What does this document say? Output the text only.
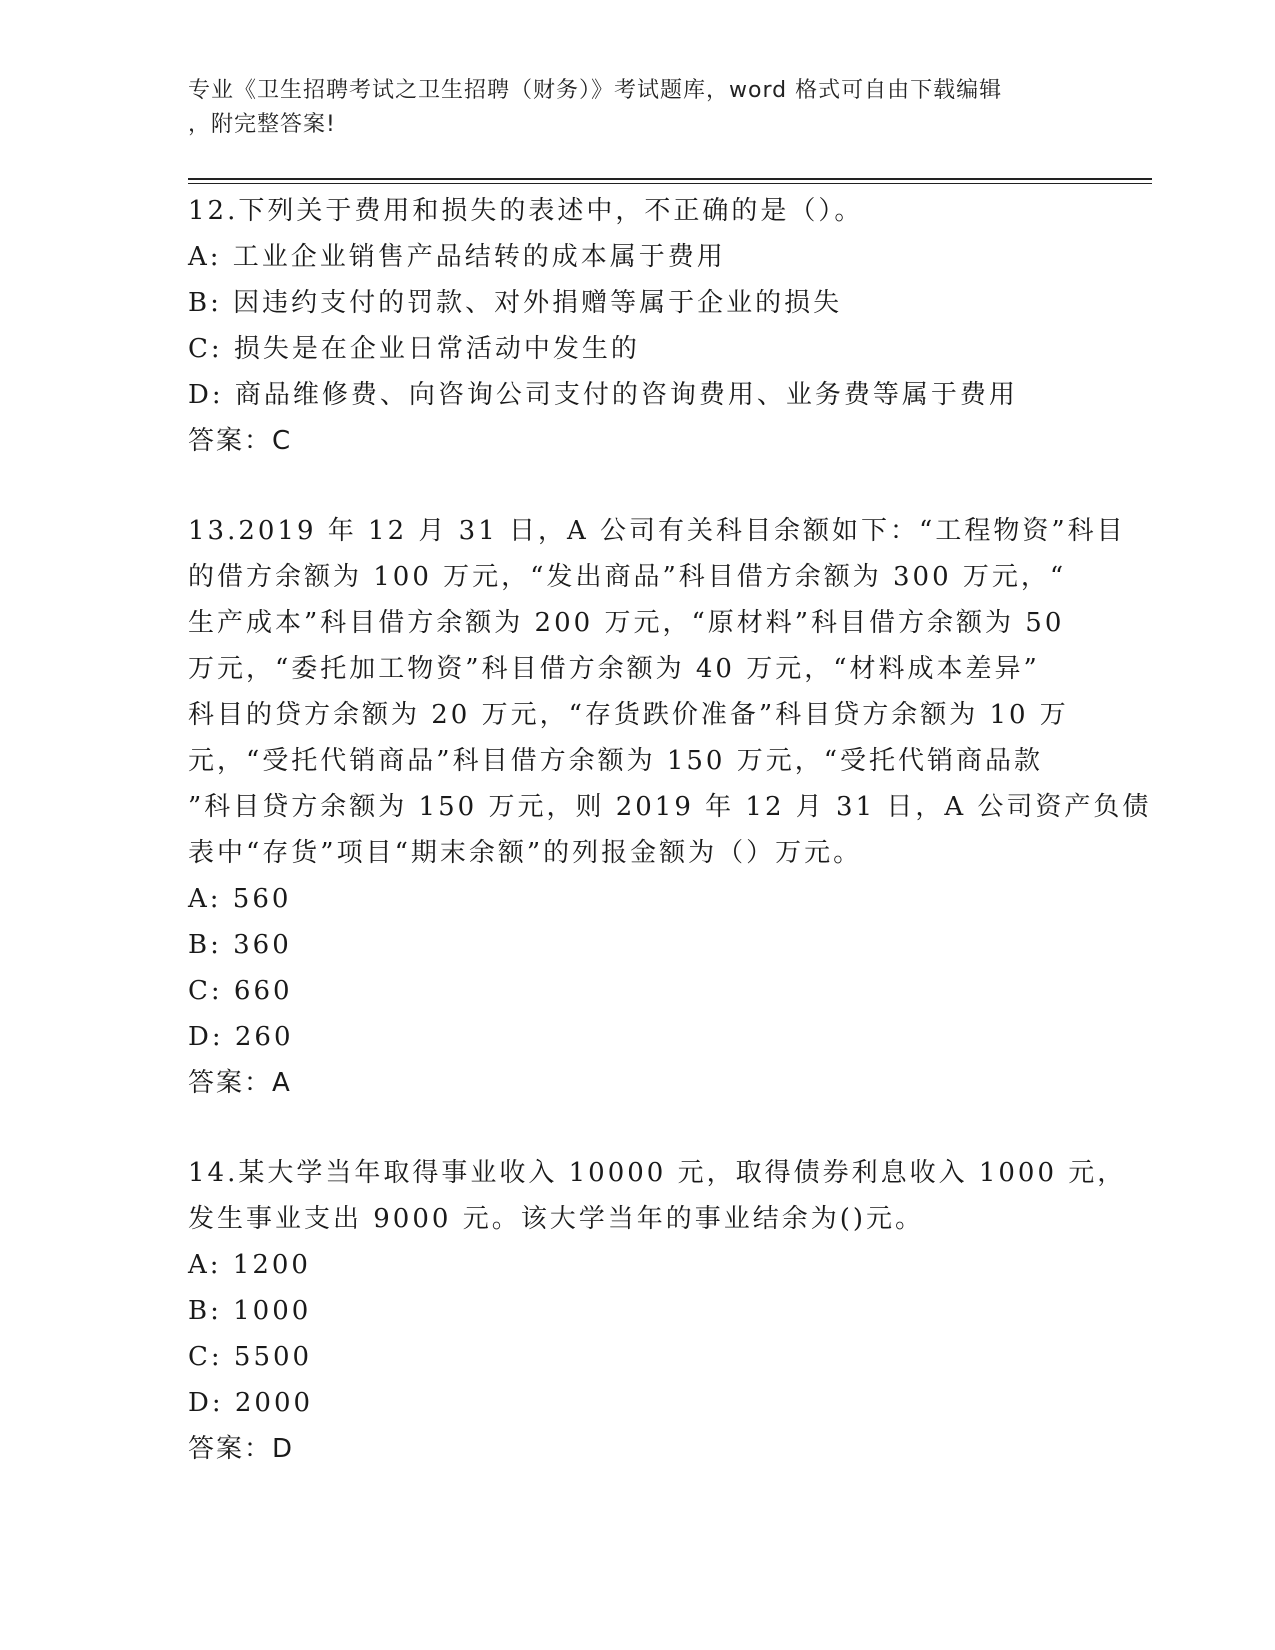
专业《卫生招聘考试之卫生招聘（财务）》考试题库，word 格式可自由下载编辑
，附完整答案!
12.下列关于费用和损失的表述中，不正确的是（）。
A: 工业企业销售产品结转的成本属于费用
B: 因违约支付的罚款、对外捐赠等属于企业的损失
C: 损失是在企业日常活动中发生的
D: 商品维修费、向咨询公司支付的咨询费用、业务费等属于费用
答案：C
13.2019 年 12 月 31 日，A 公司有关科目余额如下：“工程物资”科目
的借方余额为 100 万元，“发出商品”科目借方余额为 300 万元，“
生产成本”科目借方余额为 200 万元，“原材料”科目借方余额为 50
万元，“委托加工物资”科目借方余额为 40 万元，“材料成本差异”
科目的贷方余额为 20 万元，“存货跌价准备”科目贷方余额为 10 万
元，“受托代销商品”科目借方余额为 150 万元，“受托代销商品款
”科目贷方余额为 150 万元，则 2019 年 12 月 31 日，A 公司资产负债
表中“存货”项目“期末余额”的列报金额为（）万元。
A: 560
B: 360
C: 660
D: 260
答案：A
14.某大学当年取得事业收入 10000 元，取得债券利息收入 1000 元，
发生事业支出 9000 元。该大学当年的事业结余为()元。
A: 1200
B: 1000
C: 5500
D: 2000
答案：D
